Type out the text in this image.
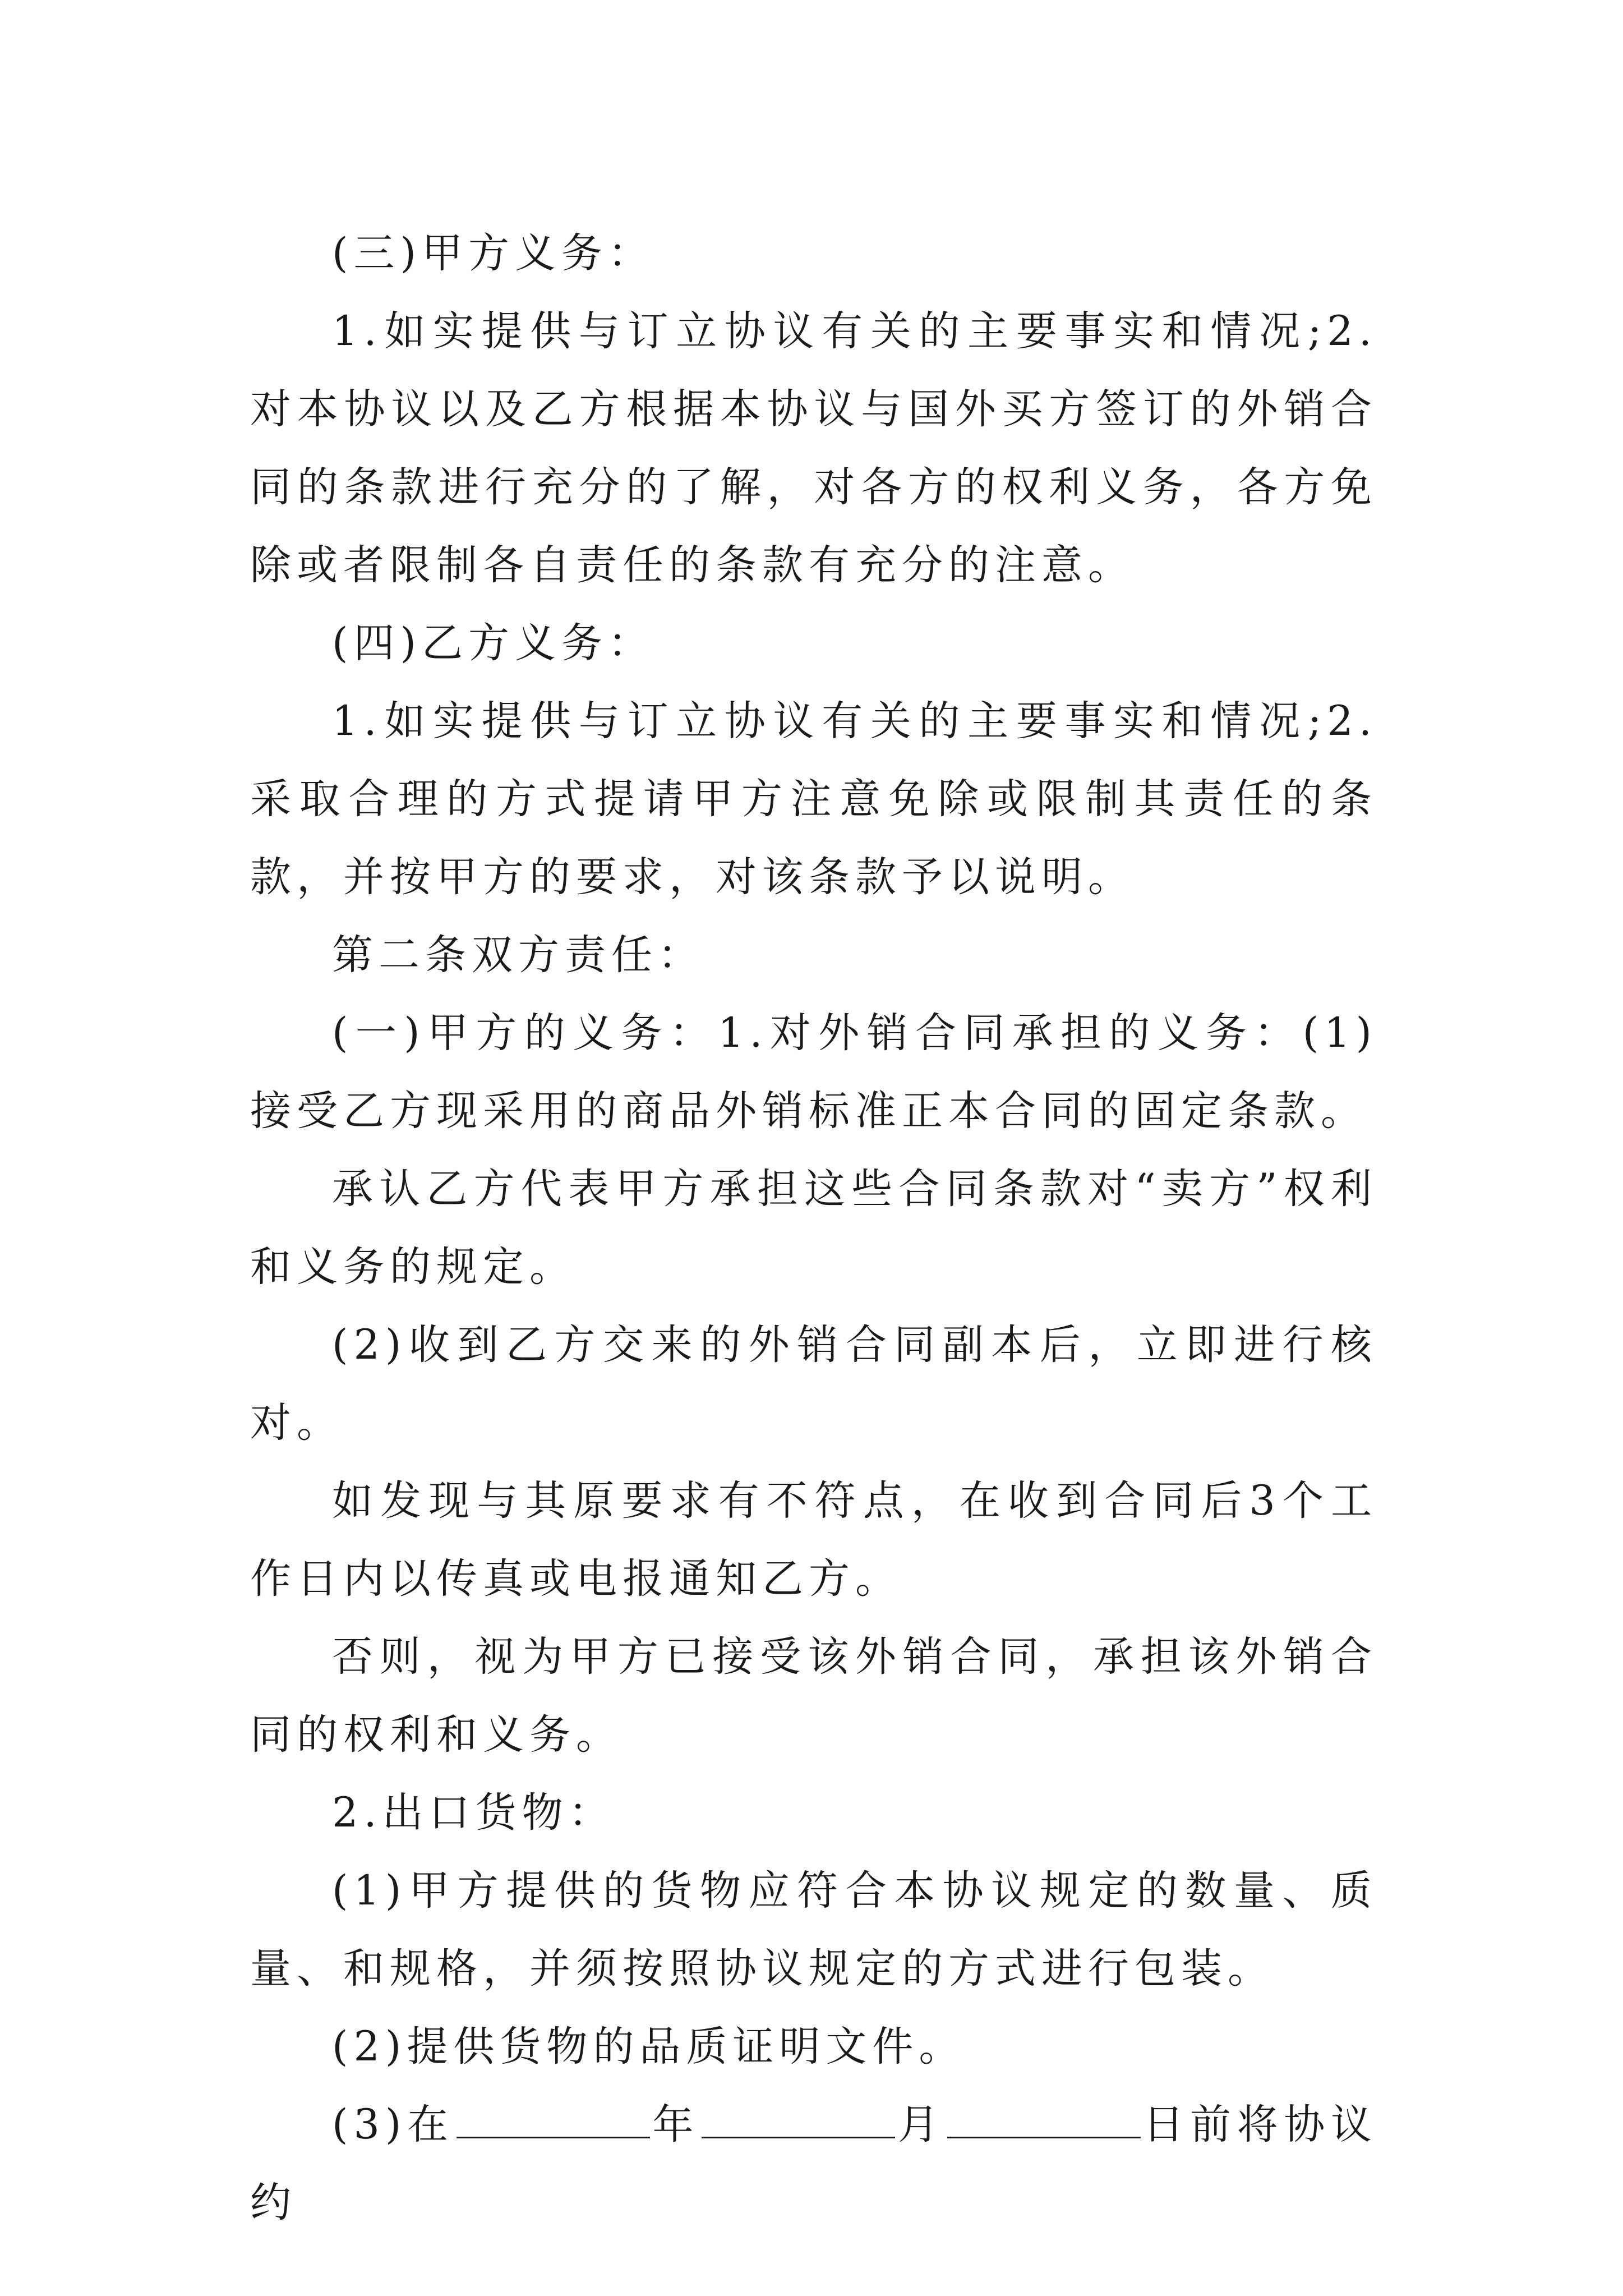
(三)甲方义务：

1.如实提供与订立协议有关的主要事实和情况;2.对本协议以及乙方根据本协议与国外买方签订的外销合同的条款进行充分的了解，对各方的权利义务，各方免除或者限制各自责任的条款有充分的注意。

(四)乙方义务：

1.如实提供与订立协议有关的主要事实和情况;2.采取合理的方式提请甲方注意免除或限制其责任的条款，并按甲方的要求，对该条款予以说明。

第二条双方责任：

(一)甲方的义务：1.对外销合同承担的义务：(1)接受乙方现采用的商品外销标准正本合同的固定条款。

承认乙方代表甲方承担这些合同条款对“卖方”权利和义务的规定。

(2)收到乙方交来的外销合同副本后，立即进行核对。

如发现与其原要求有不符点，在收到合同后3个工作日内以传真或电报通知乙方。

否则，视为甲方已接受该外销合同，承担该外销合同的权利和义务。

2.出口货物：

(1)甲方提供的货物应符合本协议规定的数量、质量、和规格，并须按照协议规定的方式进行包装。

(2)提供货物的品质证明文件。

(3)在	年	月	日前将协议约
